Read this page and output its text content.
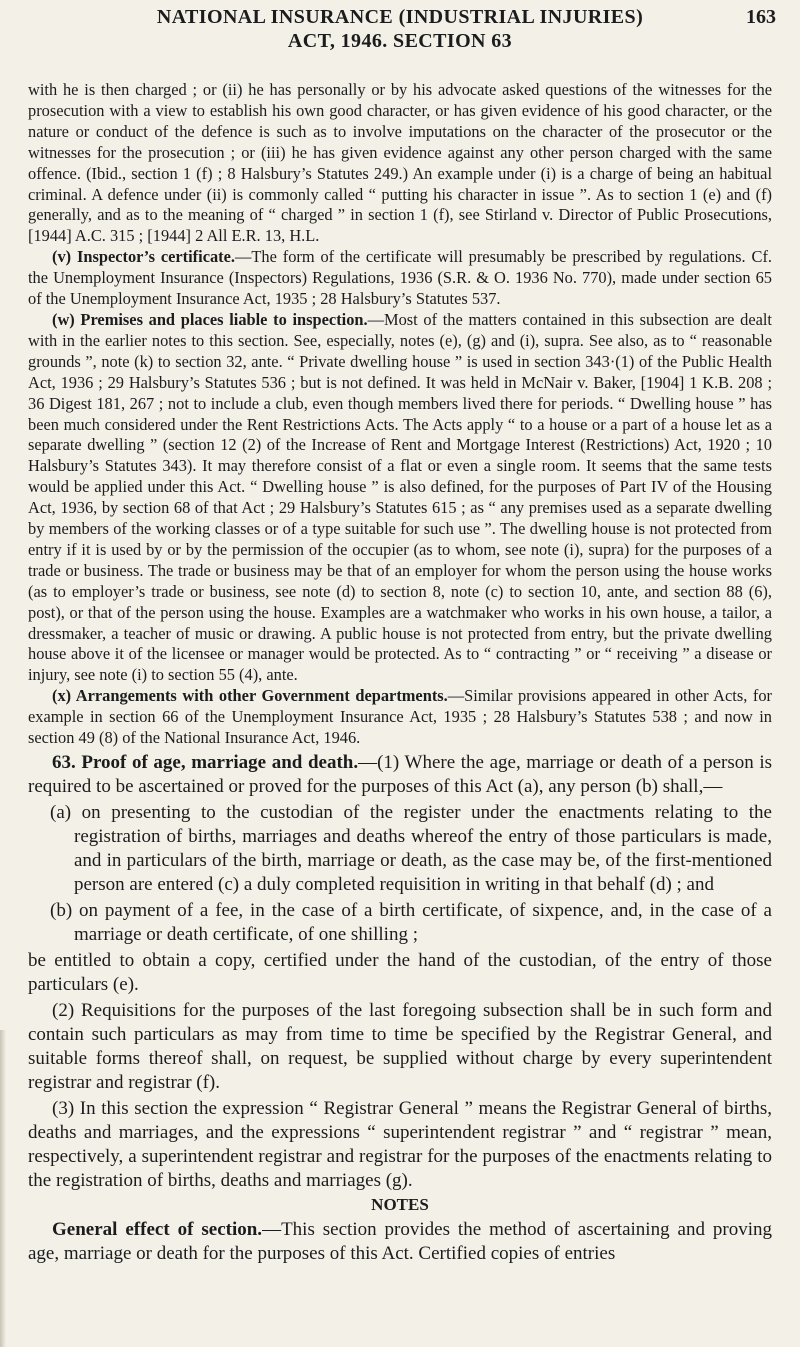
NATIONAL INSURANCE (INDUSTRIAL INJURIES)	163
ACT, 1946. SECTION 63

with he is then charged ; or (ii) he has personally or by his advocate asked questions of the witnesses for the prosecution with a view to establish his own good character, or has given evidence of his good character, or the nature or conduct of the defence is such as to involve imputations on the character of the prosecutor or the witnesses for the prosecution ; or (iii) he has given evidence against any other person charged with the same offence. (Ibid., section 1 (f) ; 8 Halsbury’s Statutes 249.) An example under (i) is a charge of being an habitual criminal. A defence under (ii) is commonly called “ putting his character in issue ”. As to section 1 (e) and (f) generally, and as to the meaning of “ charged ” in section 1 (f), see Stirland v. Director of Public Prosecutions, [1944] A.C. 315 ; [1944] 2 All E.R. 13, H.L.

(v) Inspector’s certificate.—The form of the certificate will presumably be prescribed by regulations. Cf. the Unemployment Insurance (Inspectors) Regulations, 1936 (S.R. & O. 1936 No. 770), made under section 65 of the Unemployment Insurance Act, 1935 ; 28 Halsbury’s Statutes 537.

(w) Premises and places liable to inspection.—Most of the matters contained in this subsection are dealt with in the earlier notes to this section. See, especially, notes (e), (g) and (i), supra. See also, as to “ reasonable grounds ”, note (k) to section 32, ante. “ Private dwelling house ” is used in section 343·(1) of the Public Health Act, 1936 ; 29 Halsbury’s Statutes 536 ; but is not defined. It was held in McNair v. Baker, [1904] 1 K.B. 208 ; 36 Digest 181, 267 ; not to include a club, even though members lived there for periods. “ Dwelling house ” has been much considered under the Rent Restrictions Acts. The Acts apply “ to a house or a part of a house let as a separate dwelling ” (section 12 (2) of the Increase of Rent and Mortgage Interest (Restrictions) Act, 1920 ; 10 Halsbury’s Statutes 343). It may therefore consist of a flat or even a single room. It seems that the same tests would be applied under this Act. “ Dwelling house ” is also defined, for the purposes of Part IV of the Housing Act, 1936, by section 68 of that Act ; 29 Halsbury’s Statutes 615 ; as “ any premises used as a separate dwelling by members of the working classes or of a type suitable for such use ”. The dwelling house is not protected from entry if it is used by or by the permission of the occupier (as to whom, see note (i), supra) for the purposes of a trade or business. The trade or business may be that of an employer for whom the person using the house works (as to employer’s trade or business, see note (d) to section 8, note (c) to section 10, ante, and section 88 (6), post), or that of the person using the house. Examples are a watchmaker who works in his own house, a tailor, a dressmaker, a teacher of music or drawing. A public house is not protected from entry, but the private dwelling house above it of the licensee or manager would be protected. As to “ contracting ” or “ receiving ” a disease or injury, see note (i) to section 55 (4), ante.

(x) Arrangements with other Government departments.—Similar provisions appeared in other Acts, for example in section 66 of the Unemployment Insurance Act, 1935 ; 28 Halsbury’s Statutes 538 ; and now in section 49 (8) of the National Insurance Act, 1946.

63. Proof of age, marriage and death.—(1) Where the age, marriage or death of a person is required to be ascertained or proved for the purposes of this Act (a), any person (b) shall,—

(a) on presenting to the custodian of the register under the enactments relating to the registration of births, marriages and deaths whereof the entry of those particulars is made, and in particulars of the birth, marriage or death, as the case may be, of the first-mentioned person are entered (c) a duly completed requisition in writing in that behalf (d) ; and

(b) on payment of a fee, in the case of a birth certificate, of sixpence, and, in the case of a marriage or death certificate, of one shilling ;

be entitled to obtain a copy, certified under the hand of the custodian, of the entry of those particulars (e).

(2) Requisitions for the purposes of the last foregoing subsection shall be in such form and contain such particulars as may from time to time be specified by the Registrar General, and suitable forms thereof shall, on request, be supplied without charge by every superintendent registrar and registrar (f).

(3) In this section the expression “ Registrar General ” means the Registrar General of births, deaths and marriages, and the expressions “ superintendent registrar ” and “ registrar ” mean, respectively, a superintendent registrar and registrar for the purposes of the enactments relating to the registration of births, deaths and marriages (g).

NOTES

General effect of section.—This section provides the method of ascertaining and proving age, marriage or death for the purposes of this Act. Certified copies of entries
